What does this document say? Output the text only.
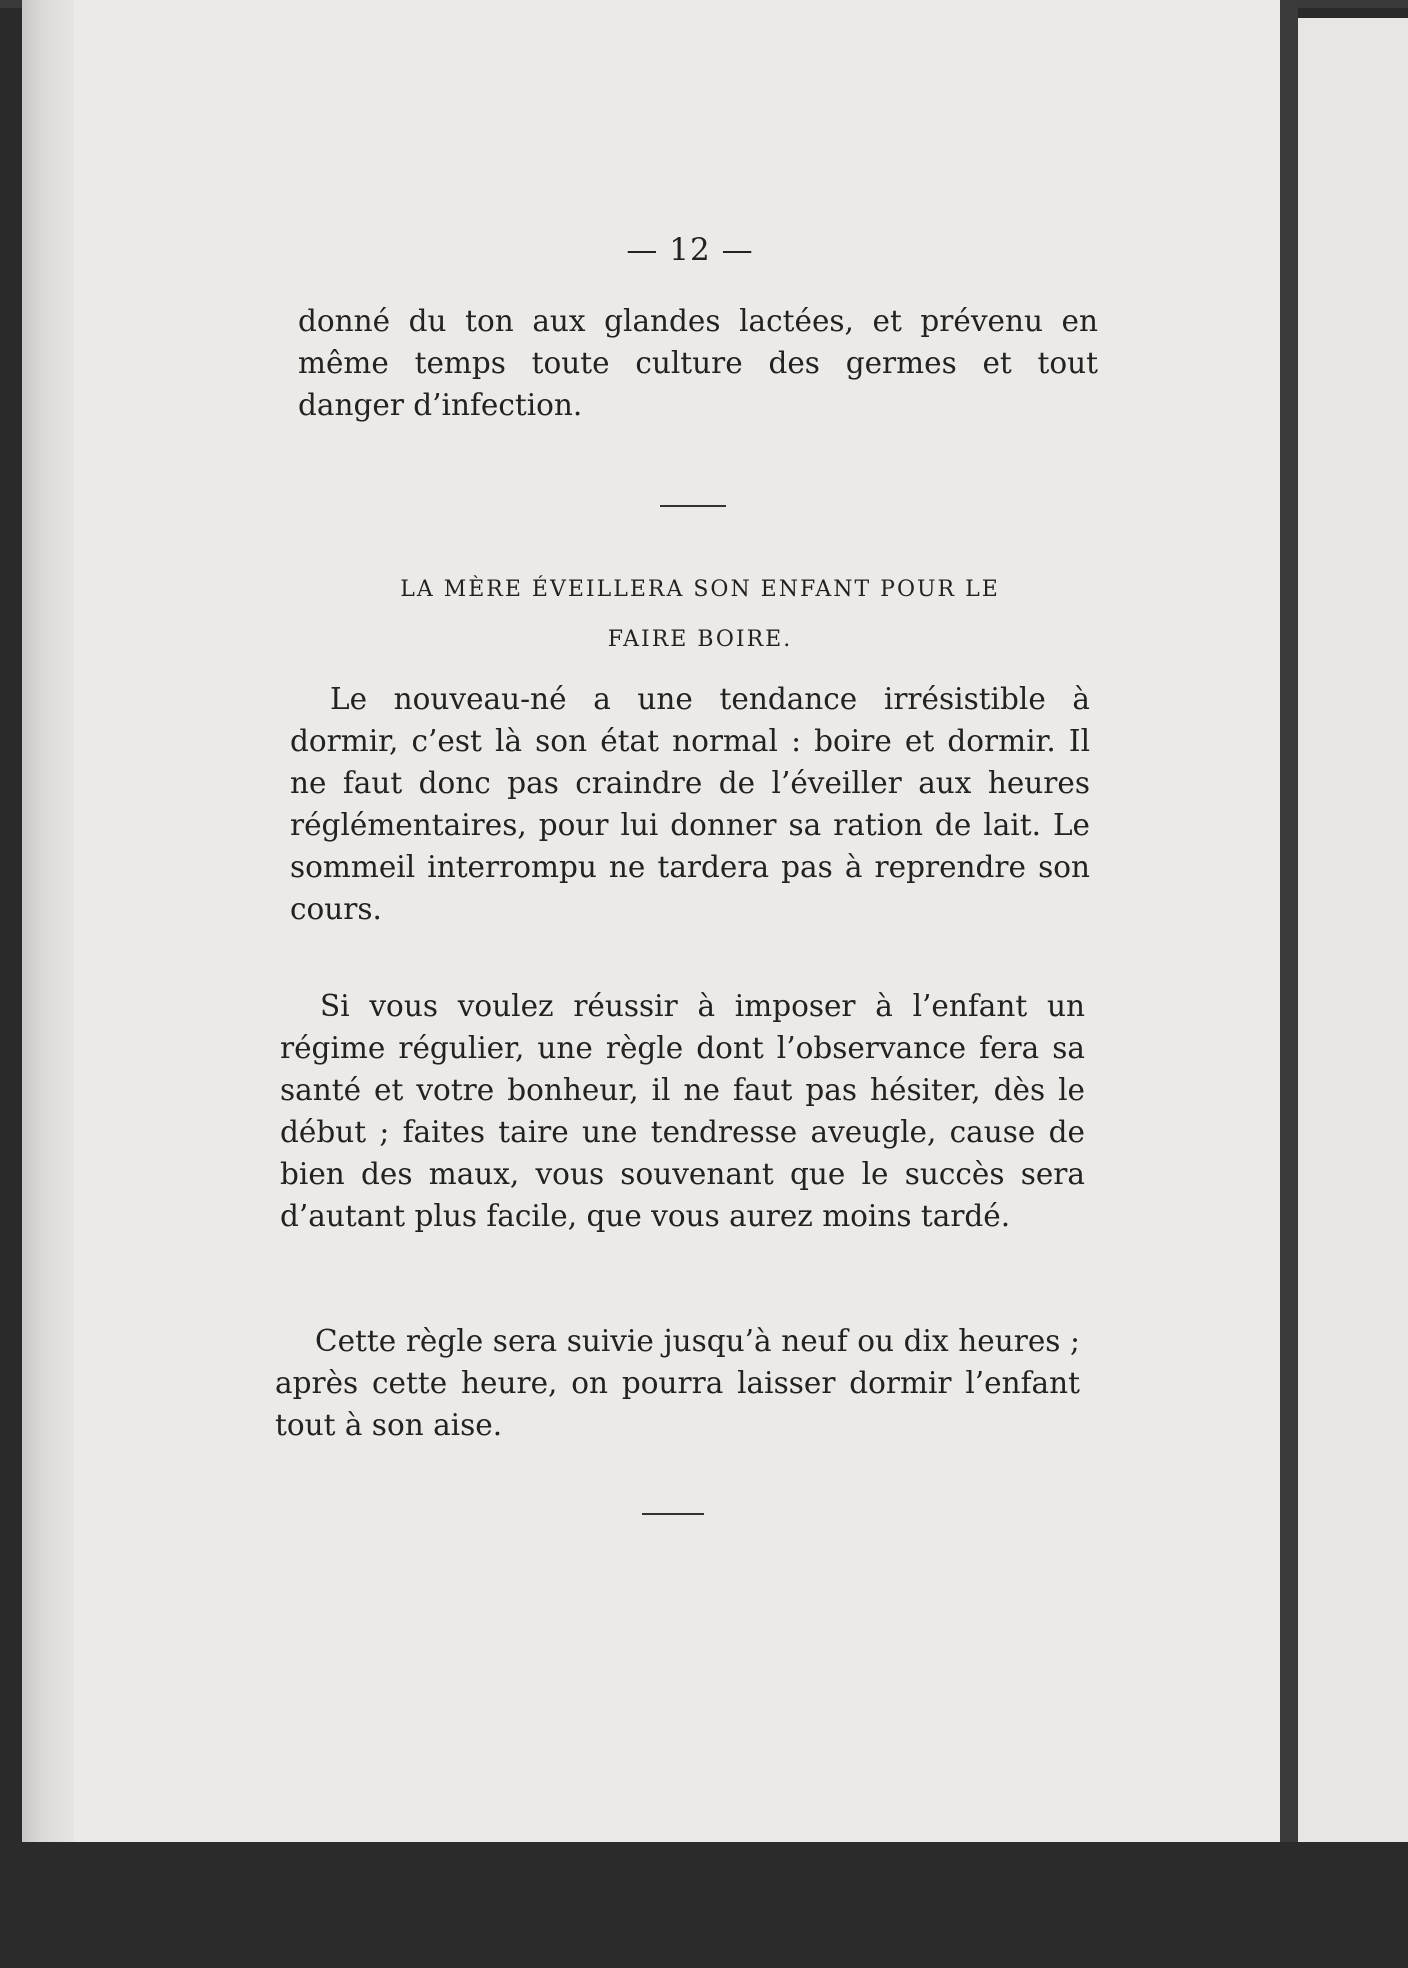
— 12 —
donné du ton aux glandes lactées, et prévenu en même temps toute culture des germes et tout danger d’infection.
LA MÈRE ÉVEILLERA SON ENFANT POUR LE
FAIRE BOIRE.
Le nouveau-né a une tendance irrésistible à dormir, c’est là son état normal : boire et dormir. Il ne faut donc pas craindre de l’éveiller aux heures réglémentaires, pour lui donner sa ration de lait. Le sommeil interrompu ne tardera pas à reprendre son cours.
Si vous voulez réussir à imposer à l’enfant un régime régulier, une règle dont l’observance fera sa santé et votre bonheur, il ne faut pas hésiter, dès le début ; faites taire une tendresse aveugle, cause de bien des maux, vous souvenant que le succès sera d’autant plus facile, que vous aurez moins tardé.
Cette règle sera suivie jusqu’à neuf ou dix heures ; après cette heure, on pourra laisser dormir l’enfant tout à son aise.
